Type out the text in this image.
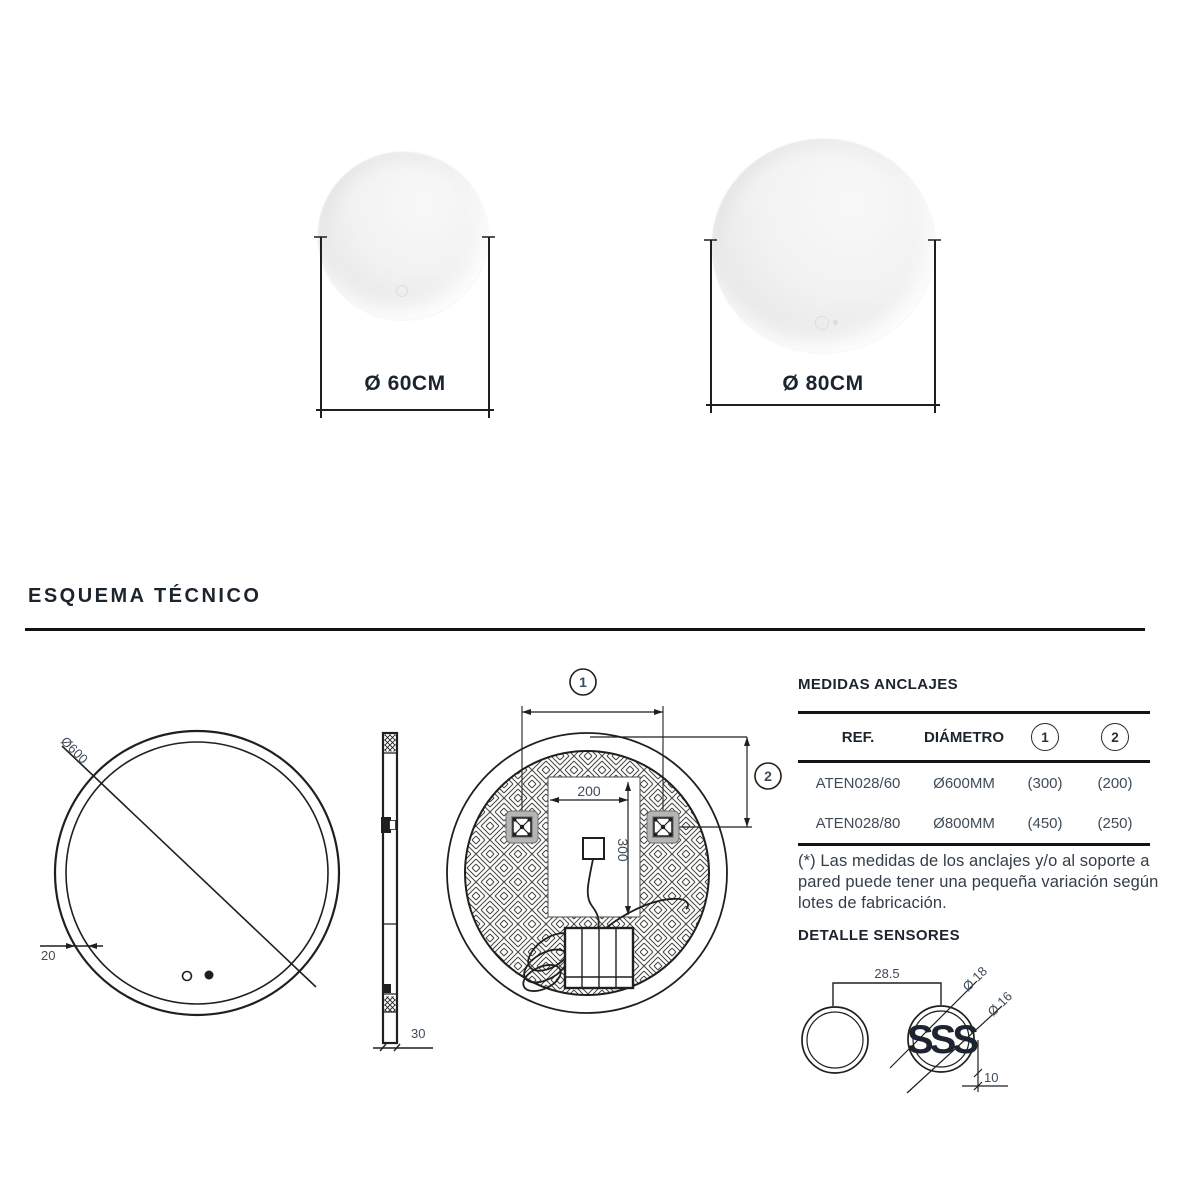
Ø 60CM	Ø 80CM
ESQUEMA TÉCNICO
Ø600
20
30
1
2
200
300
SSS
28.5	Ø 18
Ø 16
10
MEDIDAS ANCLAJES
REF.	DIÁMETRO	1	2
ATEN028/60	Ø600MM	(300)	(200)
ATEN028/80	Ø800MM	(450)	(250)
(*) Las medidas de los anclajes y/o al soporte a pared puede tener una pequeña variación según lotes de fabricación.
DETALLE SENSORES
